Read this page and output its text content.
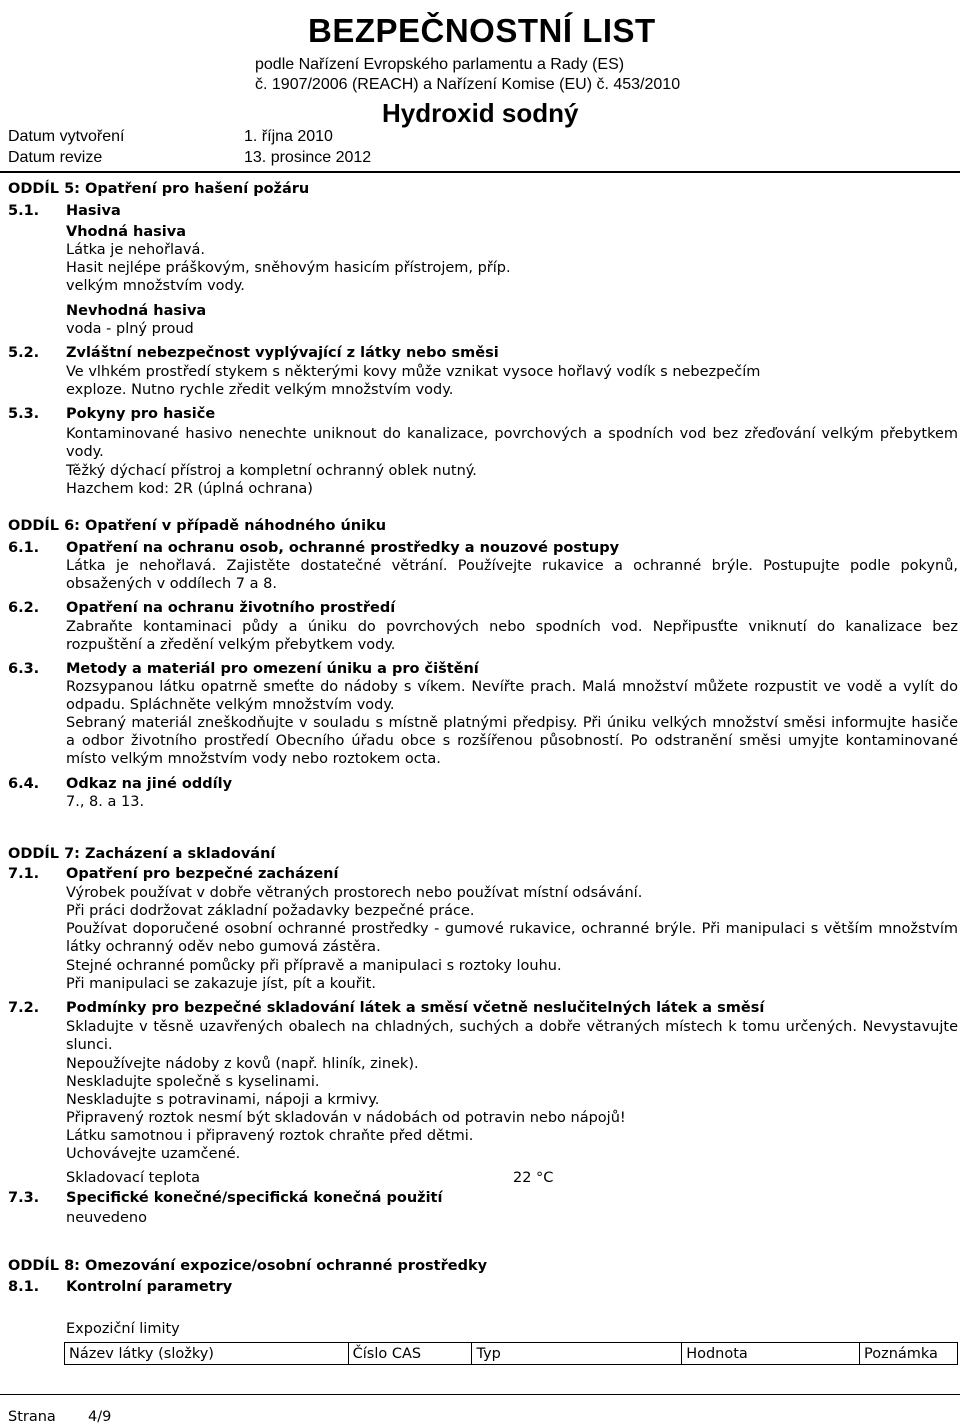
BEZPEČNOSTNÍ LIST
podle Nařízení Evropského parlamentu a Rady (ES)
č. 1907/2006 (REACH) a Nařízení Komise (EU) č. 453/2010
Hydroxid sodný
Datum vytvoření	1. října 2010
Datum revize	13. prosince 2012
ODDÍL 5: Opatření pro hašení požáru
5.1. Hasiva
Vhodná hasiva
Látka je nehořlavá.
Hasit nejlépe práškovým, sněhovým hasicím přístrojem, příp.
velkým množstvím vody.
Nevhodná hasiva
voda - plný proud
5.2. Zvláštní nebezpečnost vyplývající z látky nebo směsi
Ve vlhkém prostředí stykem s některými kovy může vznikat vysoce hořlavý vodík s nebezpečím
exploze. Nutno rychle zředit velkým množstvím vody.
5.3. Pokyny pro hasiče
Kontaminované hasivo nenechte uniknout do kanalizace, povrchových a spodních vod bez zřeďování velkým přebytkem vody.
Těžký dýchací přístroj a kompletní ochranný oblek nutný.
Hazchem kod: 2R (úplná ochrana)
ODDÍL 6: Opatření v případě náhodného úniku
6.1. Opatření na ochranu osob, ochranné prostředky a nouzové postupy
Látka je nehořlavá. Zajistěte dostatečné větrání. Používejte rukavice a ochranné brýle. Postupujte podle pokynů, obsažených v oddílech 7 a 8.
6.2. Opatření na ochranu životního prostředí
Zabraňte kontaminaci půdy a úniku do povrchových nebo spodních vod. Nepřipusťte vniknutí do kanalizace bez rozpuštění a zředění velkým přebytkem vody.
6.3. Metody a materiál pro omezení úniku a pro čištění
Rozsypanou látku opatrně smeťte do nádoby s víkem. Nevířte prach. Malá množství můžete rozpustit ve vodě a vylít do odpadu. Spláchněte velkým množstvím vody.
Sebraný materiál zneškodňujte v souladu s místně platnými předpisy. Při úniku velkých množství směsi informujte hasiče a odbor životního prostředí Obecního úřadu obce s rozšířenou působností. Po odstranění směsi umyjte kontaminované místo velkým množstvím vody nebo roztokem octa.
6.4. Odkaz na jiné oddíly
7., 8. a 13.
ODDÍL 7: Zacházení a skladování
7.1. Opatření pro bezpečné zacházení
Výrobek používat v dobře větraných prostorech nebo používat místní odsávání.
Při práci dodržovat základní požadavky bezpečné práce.
Používat doporučené osobní ochranné prostředky - gumové rukavice, ochranné brýle. Při manipulaci s větším množstvím látky ochranný oděv nebo gumová zástěra.
Stejné ochranné pomůcky při přípravě a manipulaci s roztoky louhu.
Při manipulaci se zakazuje jíst, pít a kouřit.
7.2. Podmínky pro bezpečné skladování látek a směsí včetně neslučitelných látek a směsí
Skladujte v těsně uzavřených obalech na chladných, suchých a dobře větraných místech k tomu určených. Nevystavujte slunci.
Nepoužívejte nádoby z kovů (např. hliník, zinek).
Neskladujte společně s kyselinami.
Neskladujte s potravinami, nápoji a krmivy.
Připravený roztok nesmí být skladován v nádobách od potravin nebo nápojů!
Látku samotnou i připravený roztok chraňte před dětmi.
Uchovávejte uzamčené.
Skladovací teplota	22 °C
7.3. Specifické konečné/specifická konečná použití
neuvedeno
ODDÍL 8: Omezování expozice/osobní ochranné prostředky
8.1. Kontrolní parametry
Expoziční limity
Název látky (složky)	Číslo CAS	Typ	Hodnota	Poznámka
Strana 4/9
